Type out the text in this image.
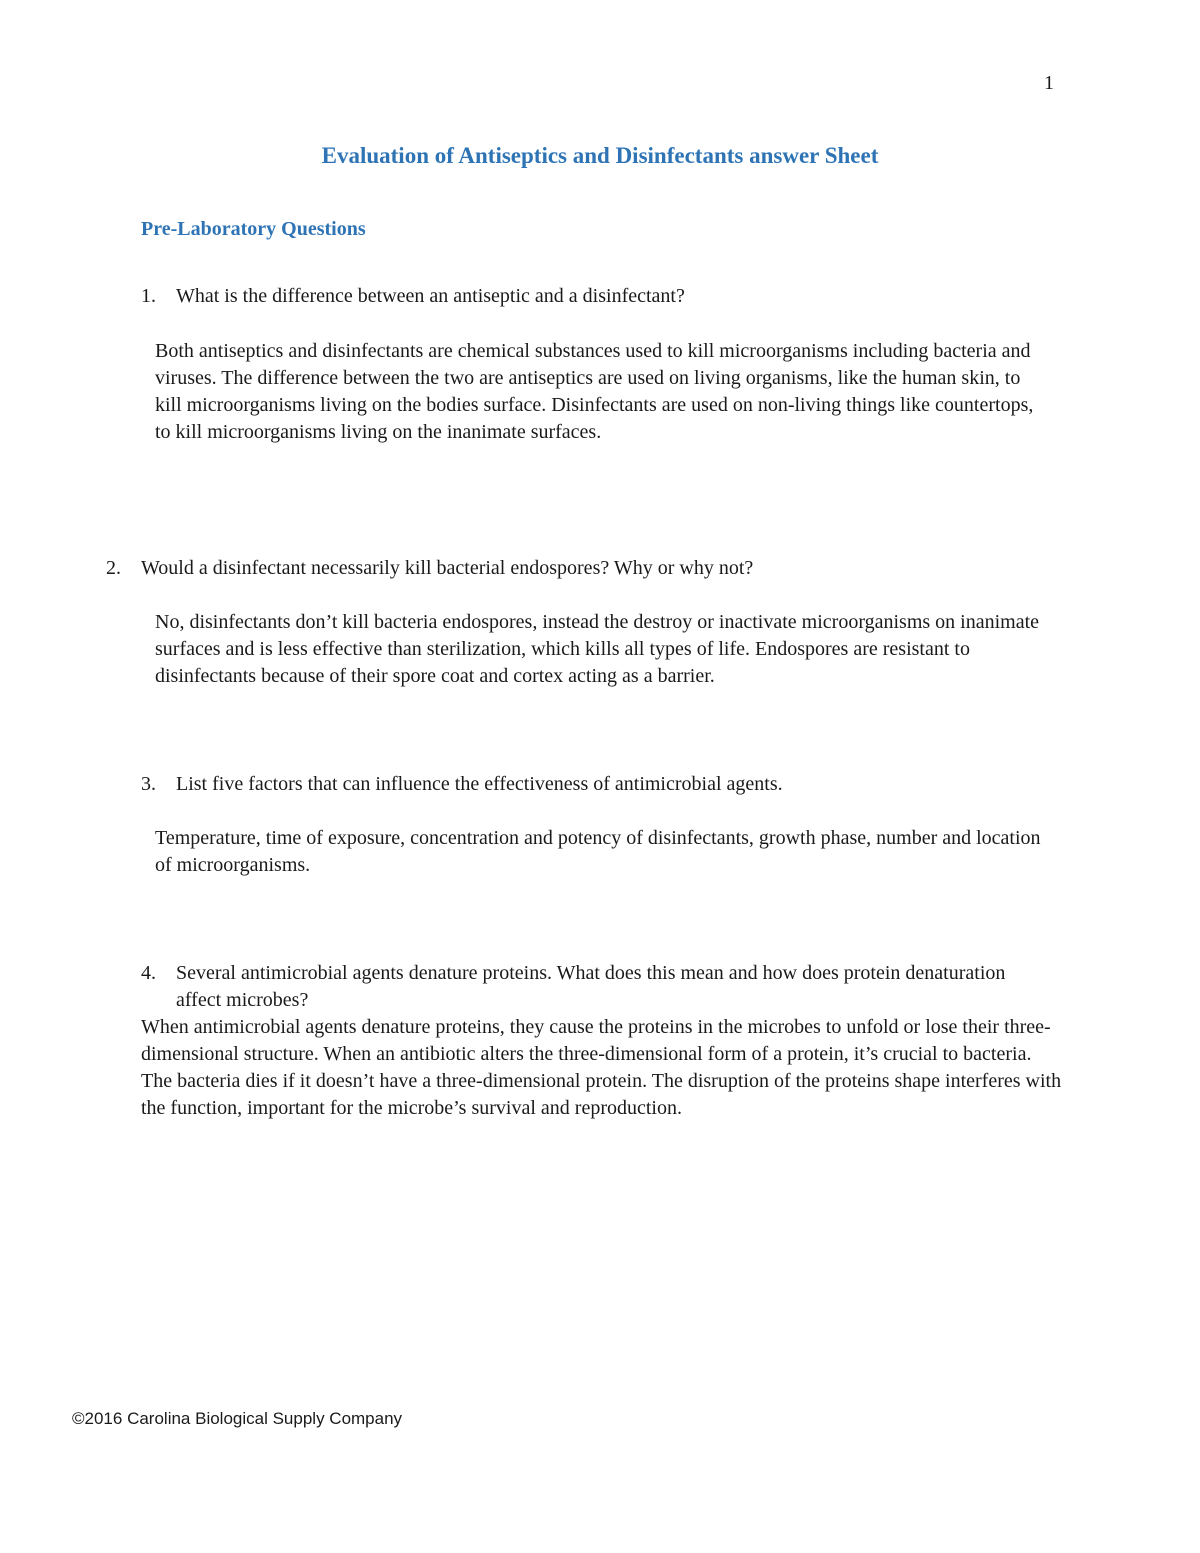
1
Evaluation of Antiseptics and Disinfectants answer Sheet
Pre-Laboratory Questions
1. What is the difference between an antiseptic and a disinfectant?

Both antiseptics and disinfectants are chemical substances used to kill microorganisms including bacteria and viruses. The difference between the two are antiseptics are used on living organisms, like the human skin, to kill microorganisms living on the bodies surface. Disinfectants are used on non-living things like countertops, to kill microorganisms living on the inanimate surfaces.

2. Would a disinfectant necessarily kill bacterial endospores? Why or why not?

No, disinfectants don’t kill bacteria endospores, instead the destroy or inactivate microorganisms on inanimate surfaces and is less effective than sterilization, which kills all types of life. Endospores are resistant to disinfectants because of their spore coat and cortex acting as a barrier.

3. List five factors that can influence the effectiveness of antimicrobial agents.

Temperature, time of exposure, concentration and potency of disinfectants, growth phase, number and location of microorganisms.

4. Several antimicrobial agents denature proteins. What does this mean and how does protein denaturation affect microbes?

When antimicrobial agents denature proteins, they cause the proteins in the microbes to unfold or lose their three-dimensional structure. When an antibiotic alters the three-dimensional form of a protein, it’s crucial to bacteria. The bacteria dies if it doesn’t have a three-dimensional protein. The disruption of the proteins shape interferes with the function, important for the microbe’s survival and reproduction.

©2016 Carolina Biological Supply Company
